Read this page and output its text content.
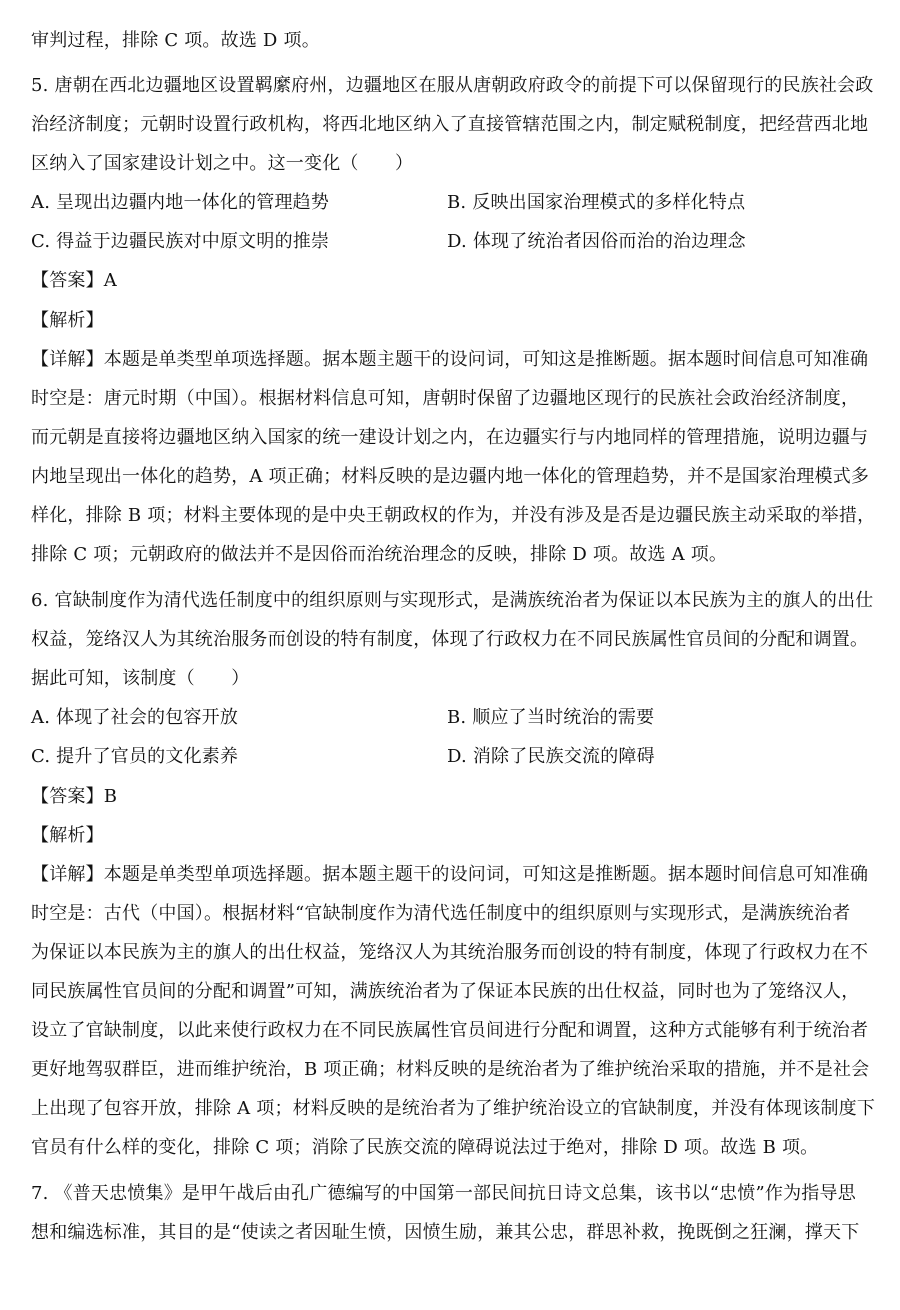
审判过程，排除 C 项。故选 D 项。
5. 唐朝在西北边疆地区设置羁縻府州，边疆地区在服从唐朝政府政令的前提下可以保留现行的民族社会政
治经济制度；元朝时设置行政机构，将西北地区纳入了直接管辖范围之内，制定赋税制度，把经营西北地
区纳入了国家建设计划之中。这一变化（　　）
A. 呈现出边疆内地一体化的管理趋势	B. 反映出国家治理模式的多样化特点
C. 得益于边疆民族对中原文明的推崇	D. 体现了统治者因俗而治的治边理念
【答案】A
【解析】
【详解】本题是单类型单项选择题。据本题主题干的设问词，可知这是推断题。据本题时间信息可知准确
时空是：唐元时期（中国）。根据材料信息可知，唐朝时保留了边疆地区现行的民族社会政治经济制度，
而元朝是直接将边疆地区纳入国家的统一建设计划之内，在边疆实行与内地同样的管理措施，说明边疆与
内地呈现出一体化的趋势，A 项正确；材料反映的是边疆内地一体化的管理趋势，并不是国家治理模式多
样化，排除 B 项；材料主要体现的是中央王朝政权的作为，并没有涉及是否是边疆民族主动采取的举措，
排除 C 项；元朝政府的做法并不是因俗而治统治理念的反映，排除 D 项。故选 A 项。
6. 官缺制度作为清代选任制度中的组织原则与实现形式，是满族统治者为保证以本民族为主的旗人的出仕
权益，笼络汉人为其统治服务而创设的特有制度，体现了行政权力在不同民族属性官员间的分配和调置。
据此可知，该制度（　　）
A. 体现了社会的包容开放	B. 顺应了当时统治的需要
C. 提升了官员的文化素养	D. 消除了民族交流的障碍
【答案】B
【解析】
【详解】本题是单类型单项选择题。据本题主题干的设问词，可知这是推断题。据本题时间信息可知准确
时空是：古代（中国）。根据材料“官缺制度作为清代选任制度中的组织原则与实现形式，是满族统治者
为保证以本民族为主的旗人的出仕权益，笼络汉人为其统治服务而创设的特有制度，体现了行政权力在不
同民族属性官员间的分配和调置”可知，满族统治者为了保证本民族的出仕权益，同时也为了笼络汉人，
设立了官缺制度，以此来使行政权力在不同民族属性官员间进行分配和调置，这种方式能够有利于统治者
更好地驾驭群臣，进而维护统治，B 项正确；材料反映的是统治者为了维护统治采取的措施，并不是社会
上出现了包容开放，排除 A 项；材料反映的是统治者为了维护统治设立的官缺制度，并没有体现该制度下
官员有什么样的变化，排除 C 项；消除了民族交流的障碍说法过于绝对，排除 D 项。故选 B 项。
7. 《普天忠愤集》是甲午战后由孔广德编写的中国第一部民间抗日诗文总集，该书以“忠愤”作为指导思
想和编选标准，其目的是“使读之者因耻生愤，因愤生励，兼其公忠，群思补救，挽既倒之狂澜，撑天下
